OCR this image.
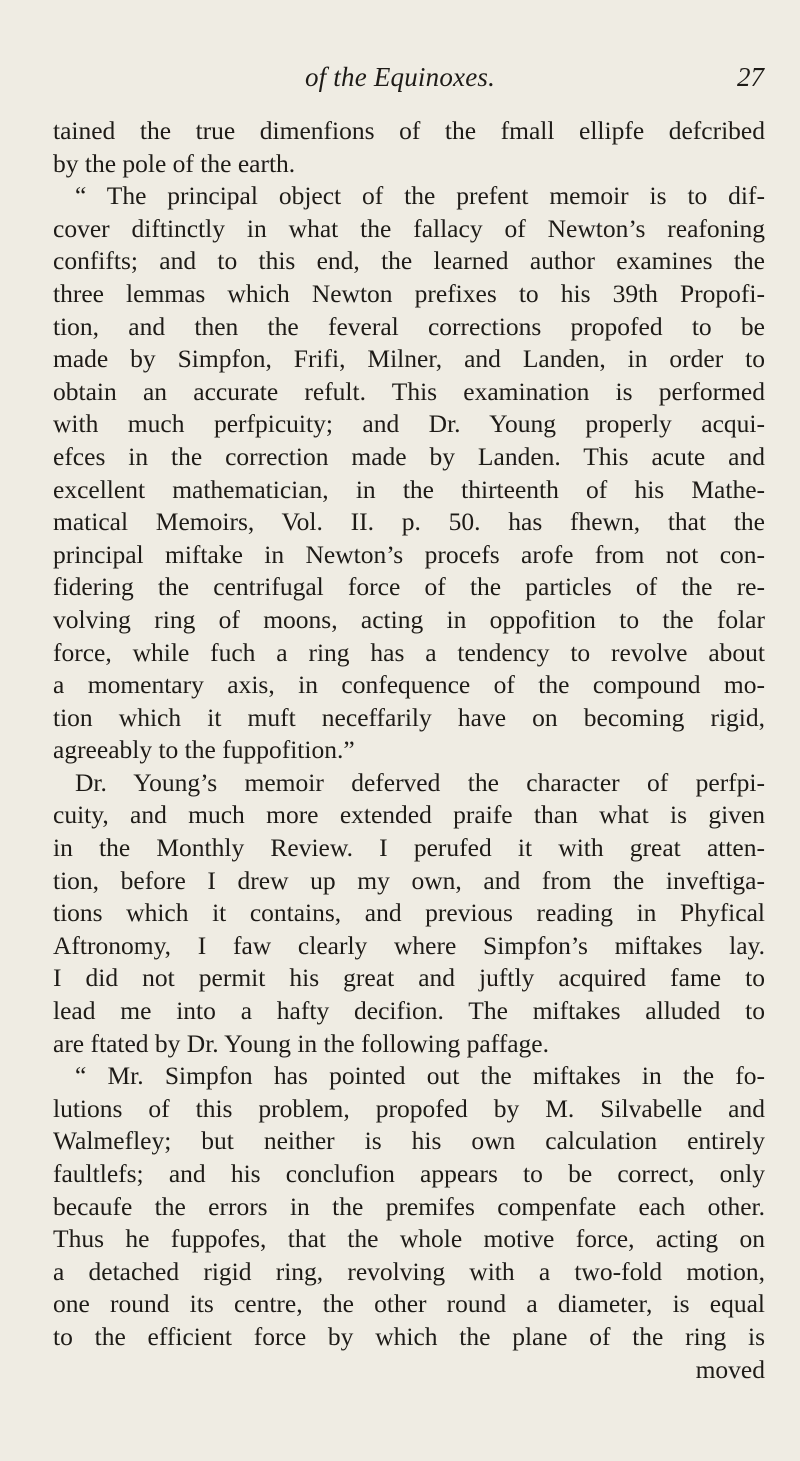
of the Equinoxes.	27
tained the true dimenfions of the fmall ellipfe defcribed
by the pole of the earth.
“ The principal object of the prefent memoir is to dif-
cover diftinctly in what the fallacy of Newton’s reafoning
confifts; and to this end, the learned author examines the
three lemmas which Newton prefixes to his 39th Propofi-
tion, and then the feveral corrections propofed to be
made by Simpfon, Frifi, Milner, and Landen, in order to
obtain an accurate refult. This examination is performed
with much perfpicuity; and Dr. Young properly acqui-
efces in the correction made by Landen. This acute and
excellent mathematician, in the thirteenth of his Mathe-
matical Memoirs, Vol. II. p. 50. has fhewn, that the
principal miftake in Newton’s procefs arofe from not con-
fidering the centrifugal force of the particles of the re-
volving ring of moons, acting in oppofition to the folar
force, while fuch a ring has a tendency to revolve about
a momentary axis, in confequence of the compound mo-
tion which it muft neceffarily have on becoming rigid,
agreeably to the fuppofition.”
Dr. Young’s memoir deferved the character of perfpi-
cuity, and much more extended praife than what is given
in the Monthly Review. I perufed it with great atten-
tion, before I drew up my own, and from the inveftiga-
tions which it contains, and previous reading in Phyfical
Aftronomy, I faw clearly where Simpfon’s miftakes lay.
I did not permit his great and juftly acquired fame to
lead me into a hafty decifion. The miftakes alluded to
are ftated by Dr. Young in the following paffage.
“ Mr. Simpfon has pointed out the miftakes in the fo-
lutions of this problem, propofed by M. Silvabelle and
Walmefley; but neither is his own calculation entirely
faultlefs; and his conclufion appears to be correct, only
becaufe the errors in the premifes compenfate each other.
Thus he fuppofes, that the whole motive force, acting on
a detached rigid ring, revolving with a two-fold motion,
one round its centre, the other round a diameter, is equal
to the efficient force by which the plane of the ring is
moved
